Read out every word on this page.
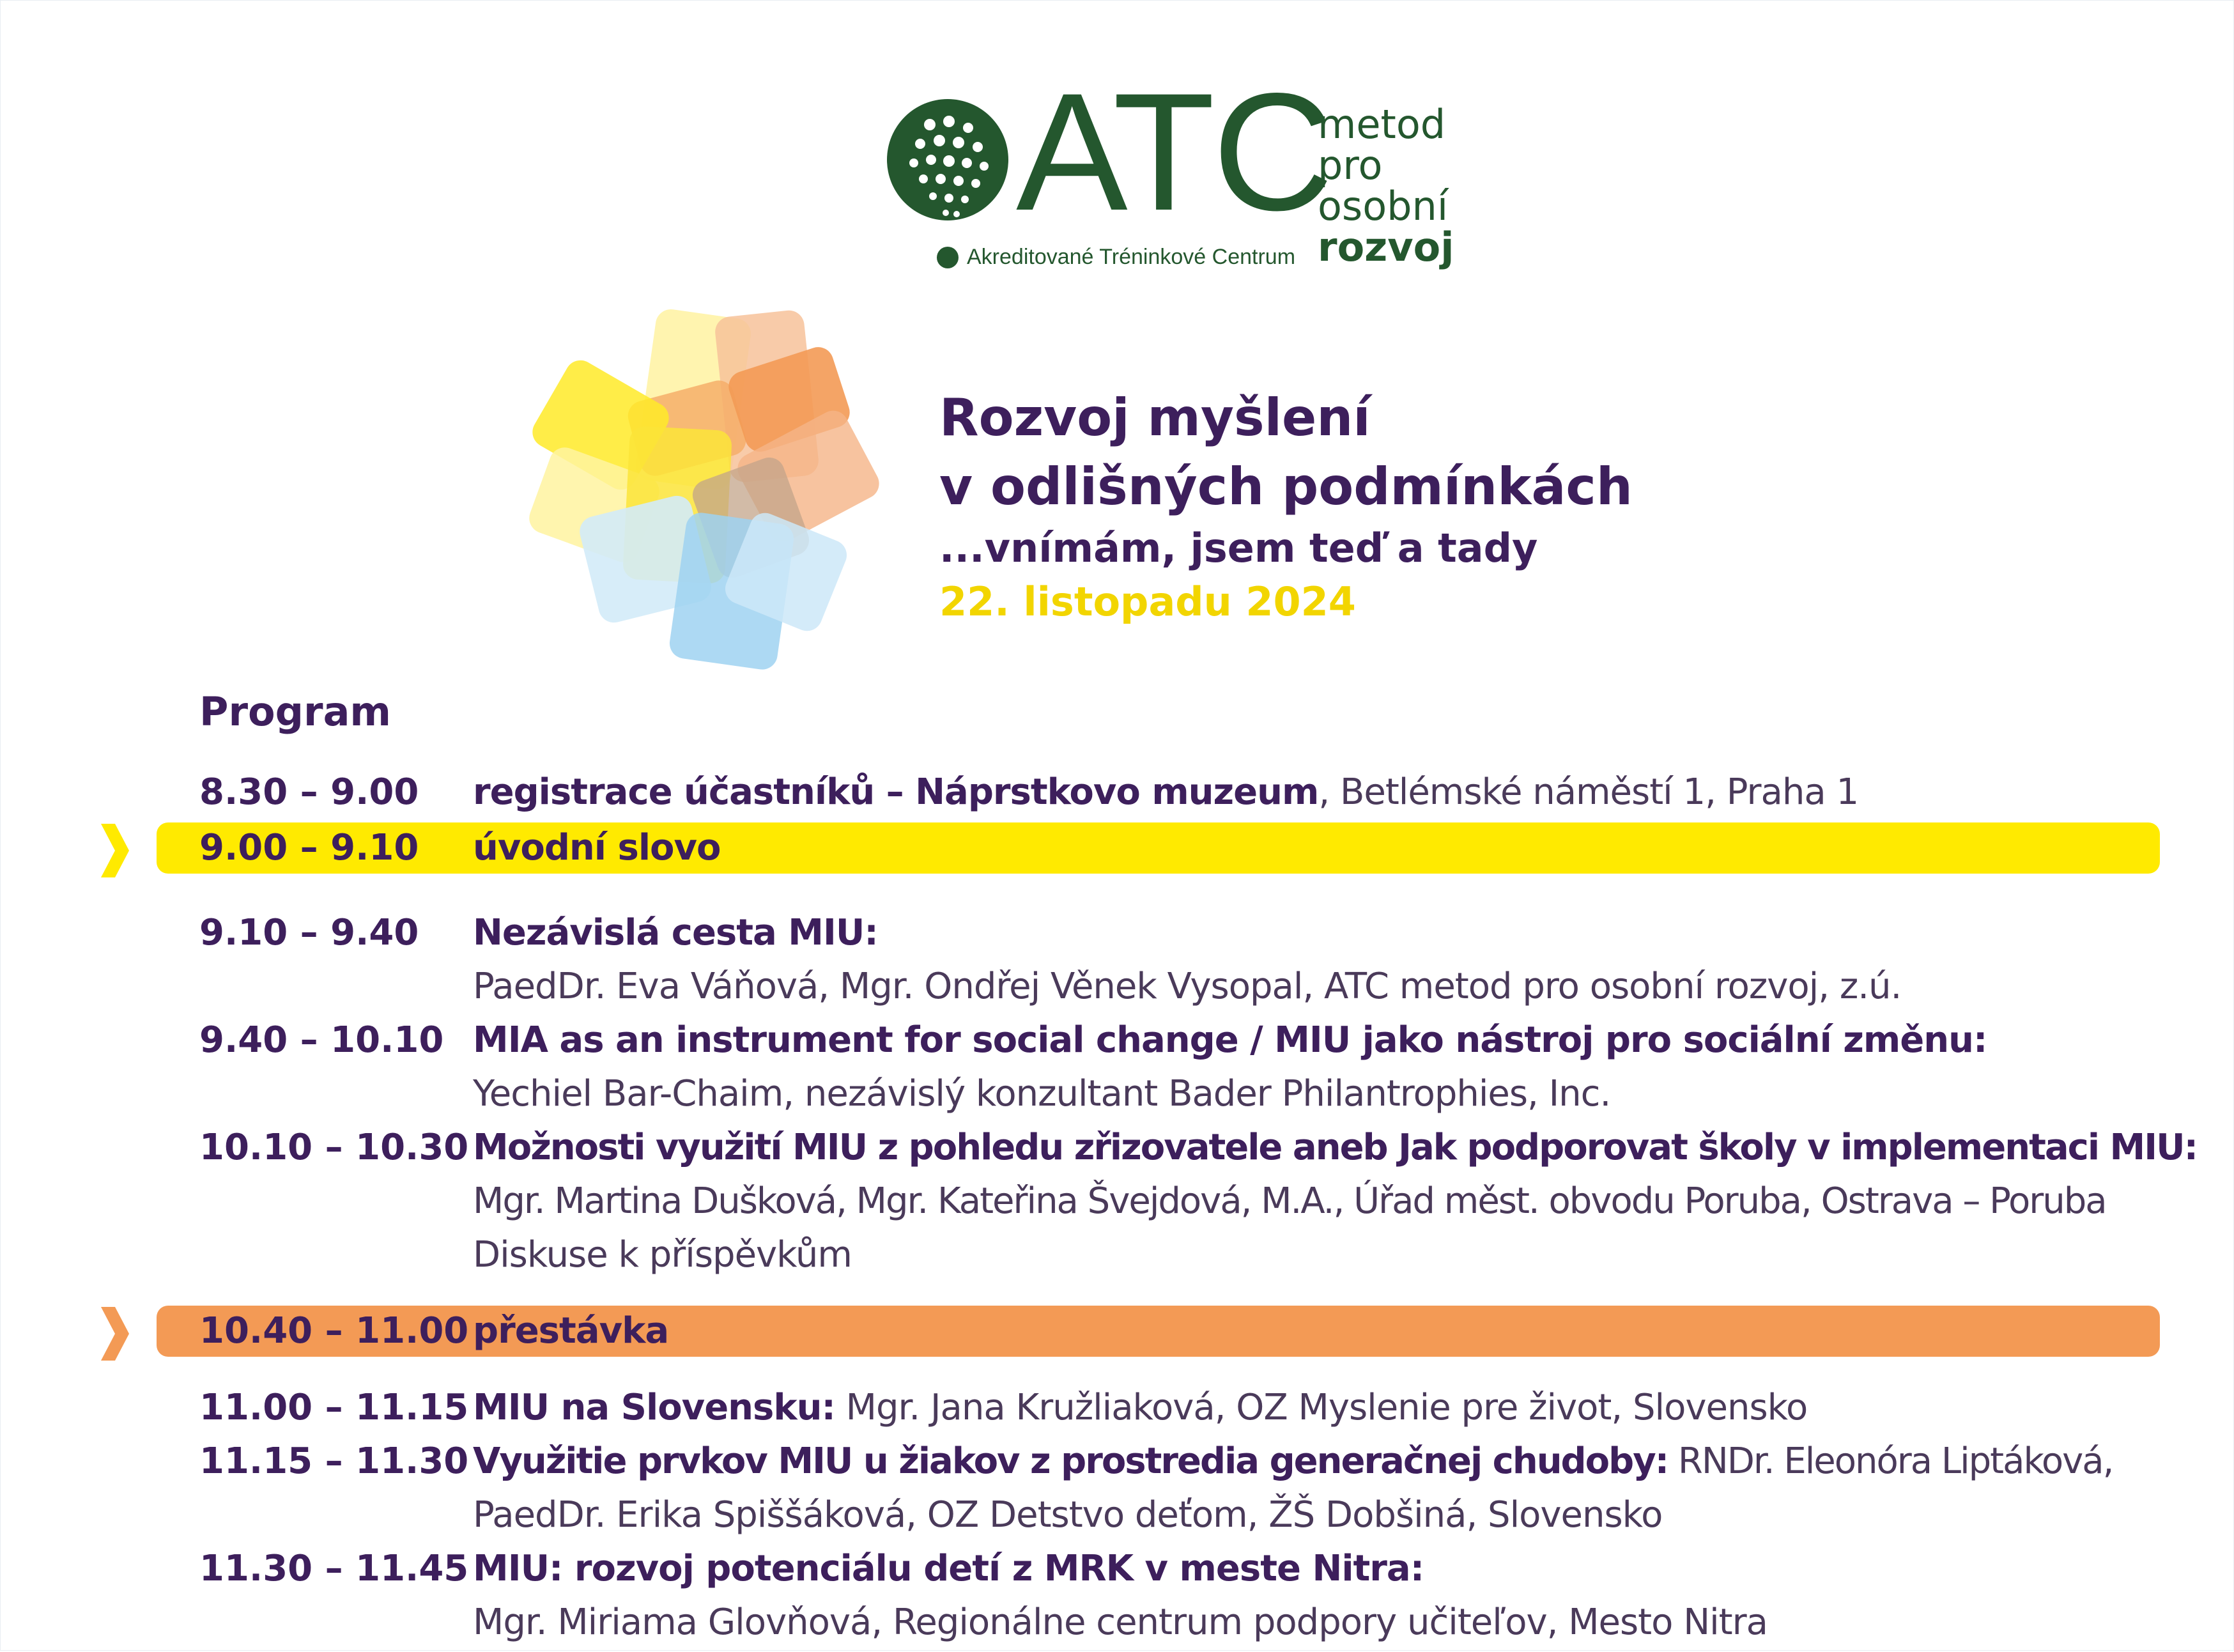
ATC
Akreditované Tréninkové Centrum
metod
pro
osobní
rozvoj
Rozvoj myšlení
v odlišných podmínkách
...vnímám, jsem teď a tady
22. listopadu 2024
Program
8.30 – 9.00 registrace účastníků – Náprstkovo muzeum, Betlémské náměstí 1, Praha 1
9.00 – 9.10 úvodní slovo
9.10 – 9.40 Nezávislá cesta MIU:
PaedDr. Eva Váňová, Mgr. Ondřej Věnek Vysopal, ATC metod pro osobní rozvoj, z.ú.
9.40 – 10.10 MIA as an instrument for social change / MIU jako nástroj pro sociální změnu:
Yechiel Bar-Chaim, nezávislý konzultant Bader Philantrophies, Inc.
10.10 – 10.30 Možnosti využití MIU z pohledu zřizovatele aneb Jak podporovat školy v implementaci MIU:
Mgr. Martina Dušková, Mgr. Kateřina Švejdová, M.A., Úřad měst. obvodu Poruba, Ostrava – Poruba
Diskuse k příspěvkům
10.40 – 11.00 přestávka
11.00 – 11.15 MIU na Slovensku: Mgr. Jana Kružliaková, OZ Myslenie pre život, Slovensko
11.15 – 11.30 Využitie prvkov MIU u žiakov z prostredia generačnej chudoby: RNDr. Eleonóra Liptáková,
PaedDr. Erika Spiššáková, OZ Detstvo deťom, ŽŠ Dobšiná, Slovensko
11.30 – 11.45 MIU: rozvoj potenciálu detí z MRK v meste Nitra:
Mgr. Miriama Glovňová, Regionálne centrum podpory učiteľov, Mesto Nitra
